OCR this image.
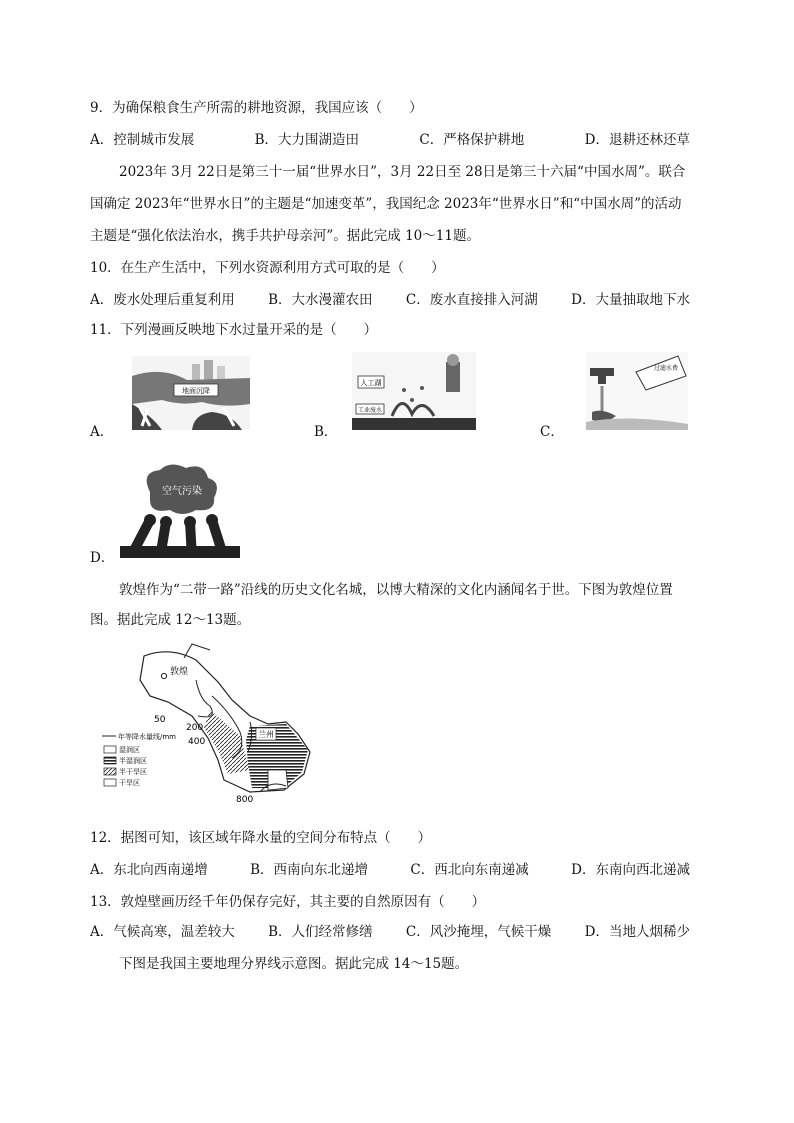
9．为确保粮食生产所需的耕地资源，我国应该（　　）
A．控制城市发展	B．大力围湖造田	C．严格保护耕地	D．退耕还林还草
2023年 3月 22日是第三十一届“世界水日”，3月 22日至 28日是第三十六届“中国水周”。联合
国确定 2023年“世界水日”的主题是“加速变革”，我国纪念 2023年“世界水日”和“中国水周”的活动
主题是“强化依法治水，携手共护母亲河”。据此完成 10～11题。
10．在生产生活中，下列水资源利用方式可取的是（　　）
A．废水处理后重复利用 B．大水漫灌农田 C．废水直接排入河湖 D．大量抽取地下水
11．下列漫画反映地下水过量开采的是（　　）
A．
地面沉降
B．
人工湖
工业废水
C．
过滤水费
D．
空气污染
敦煌作为“二带一路”沿线的历史文化名城，以博大精深的文化内涵闻名于世。下图为敦煌位置
图。据此完成 12～13题。
敦煌
兰州
50
200
400
800
年等降水量线/mm
湿润区
半湿润区
半干旱区
干旱区
12．据图可知，该区域年降水量的空间分布特点（　　）
A．东北向西南递增	B．西南向东北递增	C．西北向东南递减	D．东南向西北递减
13．敦煌壁画历经千年仍保存完好，其主要的自然原因有（　　）
A．气候高寒，温差较大 B．人们经常修缮 C．风沙掩埋，气候干燥 D．当地人烟稀少
下图是我国主要地理分界线示意图。据此完成 14～15题。
